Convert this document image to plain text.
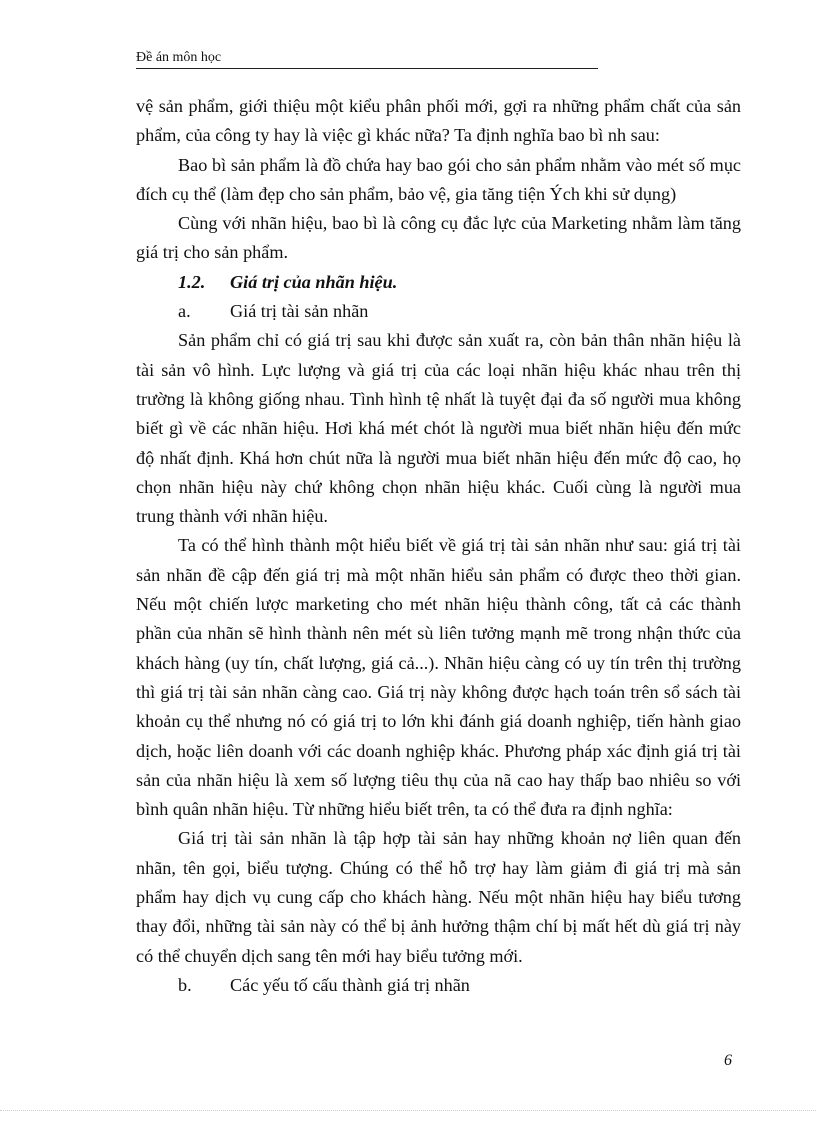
Đề án môn học

vệ sản phẩm, giới thiệu một kiểu phân phối mới, gợi ra những phẩm chất của sản phẩm, của công ty hay là việc gì khác nữa? Ta định nghĩa bao bì nh sau:

Bao bì sản phẩm là đồ chứa hay bao gói cho sản phẩm nhằm vào mét số mục đích cụ thể (làm đẹp cho sản phẩm, bảo vệ, gia tăng tiện Ých khi sử dụng)

Cùng với nhãn hiệu, bao bì là công cụ đắc lực của Marketing nhằm làm tăng giá trị cho sản phẩm.

1.2. Giá trị của nhãn hiệu.

a. Giá trị tài sản nhãn

Sản phẩm chỉ có giá trị sau khi được sản xuất ra, còn bản thân nhãn hiệu là tài sản vô hình. Lực lượng và giá trị của các loại nhãn hiệu khác nhau trên thị trường là không giống nhau. Tình hình tệ nhất là tuyệt đại đa số người mua không biết gì về các nhãn hiệu. Hơi khá mét chót là người mua biết nhãn hiệu đến mức độ nhất định. Khá hơn chút nữa là người mua biết nhãn hiệu đến mức độ cao, họ chọn nhãn hiệu này chứ không chọn nhãn hiệu khác. Cuối cùng là người mua trung thành với nhãn hiệu.

Ta có thể hình thành một hiểu biết về giá trị tài sản nhãn như sau: giá trị tài sản nhãn đề cập đến giá trị mà một nhãn hiểu sản phẩm có được theo thời gian. Nếu một chiến lược marketing cho mét nhãn hiệu thành công, tất cả các thành phần của nhãn sẽ hình thành nên mét sù liên tưởng mạnh mẽ trong nhận thức của khách hàng (uy tín, chất lượng, giá cả...). Nhãn hiệu càng có uy tín trên thị trường thì giá trị tài sản nhãn càng cao. Giá trị này không được hạch toán trên sổ sách tài khoản cụ thể nhưng nó có giá trị to lớn khi đánh giá doanh nghiệp, tiến hành giao dịch, hoặc liên doanh với các doanh nghiệp khác. Phương pháp xác định giá trị tài sản của nhãn hiệu là xem số lượng tiêu thụ của nã cao hay thấp bao nhiêu so với bình quân nhãn hiệu. Từ những hiểu biết trên, ta có thể đưa ra định nghĩa:

Giá trị tài sản nhãn là tập hợp tài sản hay những khoản nợ liên quan đến nhãn, tên gọi, biểu tượng. Chúng có thể hỗ trợ hay làm giảm đi giá trị mà sản phẩm hay dịch vụ cung cấp cho khách hàng. Nếu một nhãn hiệu hay biểu tương thay đổi, những tài sản này có thể bị ảnh hưởng thậm chí bị mất hết dù giá trị này có thể chuyển dịch sang tên mới hay biểu tưởng mới.

b. Các yếu tố cấu thành giá trị nhãn

6
